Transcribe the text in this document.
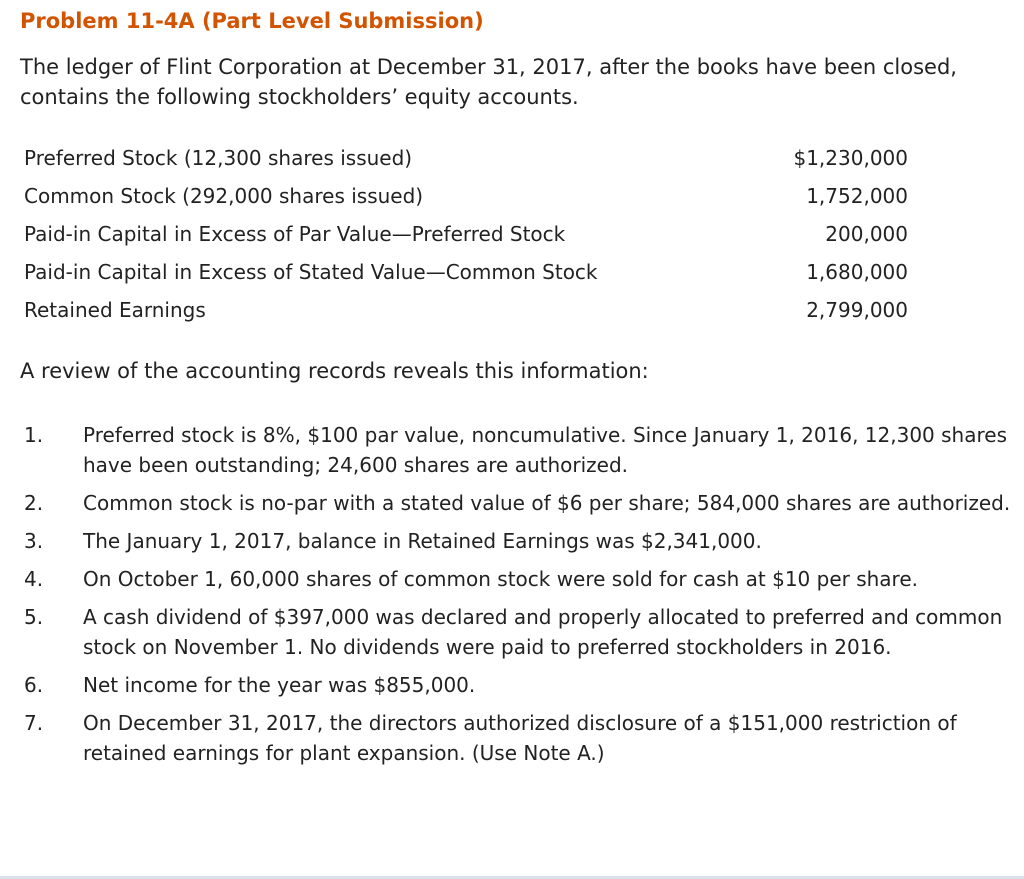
Problem 11-4A (Part Level Submission)
The ledger of Flint Corporation at December 31, 2017, after the books have been closed, contains the following stockholders’ equity accounts.
Preferred Stock (12,300 shares issued)	$1,230,000
Common Stock (292,000 shares issued)	1,752,000
Paid-in Capital in Excess of Par Value—Preferred Stock	200,000
Paid-in Capital in Excess of Stated Value—Common Stock	1,680,000
Retained Earnings	2,799,000
A review of the accounting records reveals this information:
1. Preferred stock is 8%, $100 par value, noncumulative. Since January 1, 2016, 12,300 shares have been outstanding; 24,600 shares are authorized.
2. Common stock is no-par with a stated value of $6 per share; 584,000 shares are authorized.
3. The January 1, 2017, balance in Retained Earnings was $2,341,000.
4. On October 1, 60,000 shares of common stock were sold for cash at $10 per share.
5. A cash dividend of $397,000 was declared and properly allocated to preferred and common stock on November 1. No dividends were paid to preferred stockholders in 2016.
6. Net income for the year was $855,000.
7. On December 31, 2017, the directors authorized disclosure of a $151,000 restriction of retained earnings for plant expansion. (Use Note A.)
